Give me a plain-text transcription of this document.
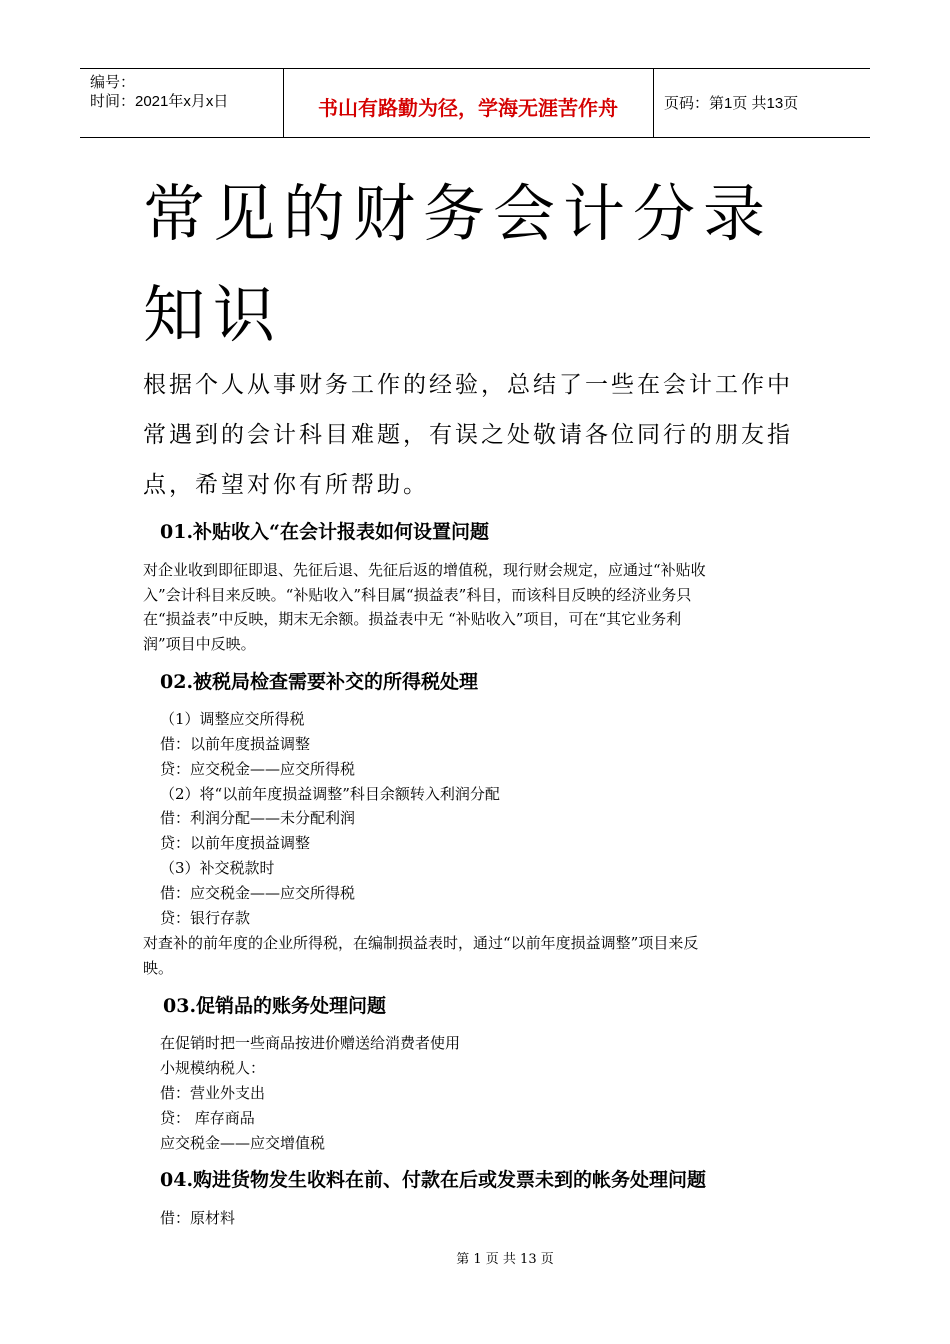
编号：
时间：2021年x月x日	书山有路勤为径，学海无涯苦作舟	页码：第1页 共13页
常见的财务会计分录
知识
根据个人从事财务工作的经验，总结了一些在会计工作中
常遇到的会计科目难题，有误之处敬请各位同行的朋友指
点，希望对你有所帮助。
01.补贴收入“在会计报表如何设置问题
对企业收到即征即退、先征后退、先征后返的增值税，现行财会规定，应通过“补贴收
入”会计科目来反映。“补贴收入”科目属“损益表”科目，而该科目反映的经济业务只
在“损益表”中反映，期末无余额。损益表中无 “补贴收入”项目，可在“其它业务利
润”项目中反映。
02.被税局检查需要补交的所得税处理
（1）调整应交所得税
借：以前年度损益调整
贷：应交税金——应交所得税
（2）将“以前年度损益调整”科目余额转入利润分配
借：利润分配——未分配利润
贷：以前年度损益调整
（3）补交税款时
借：应交税金——应交所得税
贷：银行存款
对查补的前年度的企业所得税，在编制损益表时，通过“以前年度损益调整”项目来反
映。
03.促销品的账务处理问题
在促销时把一些商品按进价赠送给消费者使用
小规模纳税人：
借：营业外支出
贷： 库存商品
应交税金——应交增值税
04.购进货物发生收料在前、付款在后或发票未到的帐务处理问题
借：原材料
第 1 页 共 13 页
